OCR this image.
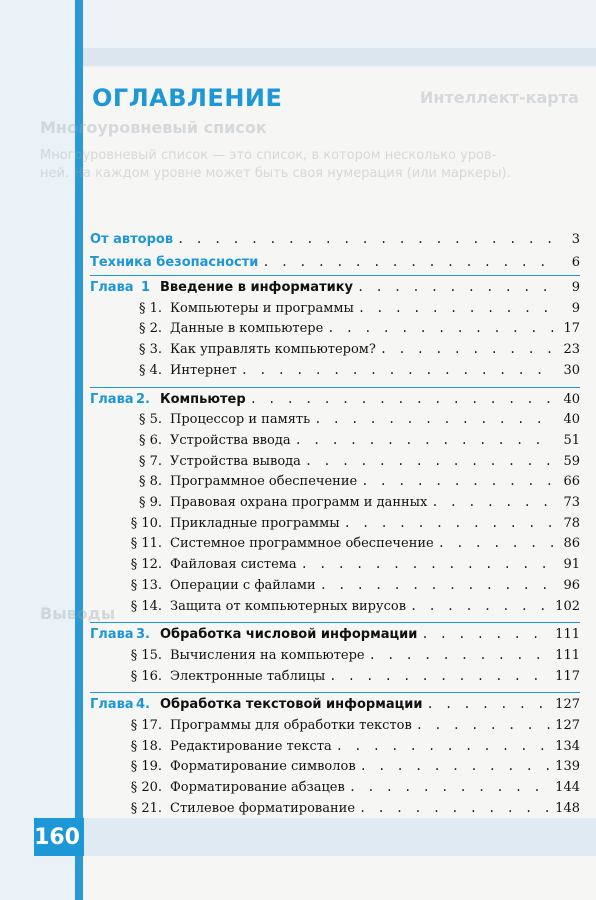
Интеллект-карта
Многоуровневый список
Многоуровневый список — это список, в котором несколько уров-
ней. На каждом уровне может быть своя нумерация (или маркеры).
Выводы
ОГЛАВЛЕНИЕ
От авторов . . .	3
Техника безопасности . . .	6
Глава 1 Введение в информатику . . .	9
§ 1. Компьютеры и программы . . .	9
§ 2. Данные в компьютере . . .	17
§ 3. Как управлять компьютером? . . .	23
§ 4. Интернет . . .	30
Глава 2. Компьютер . . .	40
§ 5. Процессор и память . . .	40
§ 6. Устройства ввода . . .	51
§ 7. Устройства вывода . . .	59
§ 8. Программное обеспечение . . .	66
§ 9. Правовая охрана программ и данных . . .	73
§ 10. Прикладные программы . . .	78
§ 11. Системное программное обеспечение . . .	86
§ 12. Файловая система . . .	91
§ 13. Операции с файлами . . .	96
§ 14. Защита от компьютерных вирусов . . .	102
Глава 3. Обработка числовой информации . . .	111
§ 15. Вычисления на компьютере . . .	111
§ 16. Электронные таблицы . . .	117
Глава 4. Обработка текстовой информации . . .	127
§ 17. Программы для обработки текстов . . .	127
§ 18. Редактирование текста . . .	134
§ 19. Форматирование символов . . .	139
§ 20. Форматирование абзацев . . .	144
§ 21. Стилевое форматирование . . .	148
. . .
. . .
160
